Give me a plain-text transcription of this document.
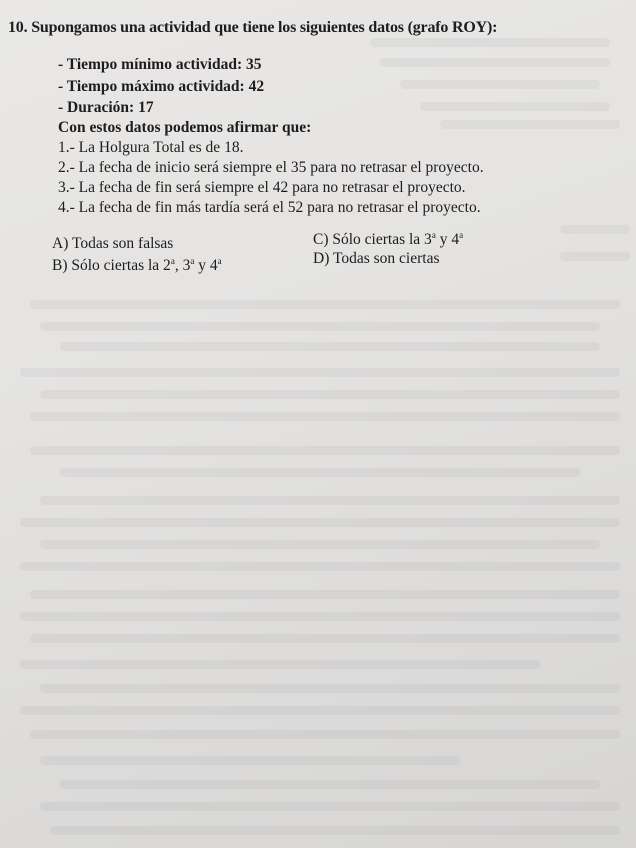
10. Supongamos una actividad que tiene los siguientes datos (grafo ROY):
- Tiempo mínimo actividad: 35
- Tiempo máximo actividad: 42
- Duración: 17
Con estos datos podemos afirmar que:
1.- La Holgura Total es de 18.
2.- La fecha de inicio será siempre el 35 para no retrasar el proyecto.
3.- La fecha de fin será siempre el 42 para no retrasar el proyecto.
4.- La fecha de fin más tardía será el 52 para no retrasar el proyecto.
A) Todas son falsas
B) Sólo ciertas la 2$^a$, 3$^a$ y 4$^a$
C) Sólo ciertas la 3$^a$ y 4$^a$
D) Todas son ciertas
